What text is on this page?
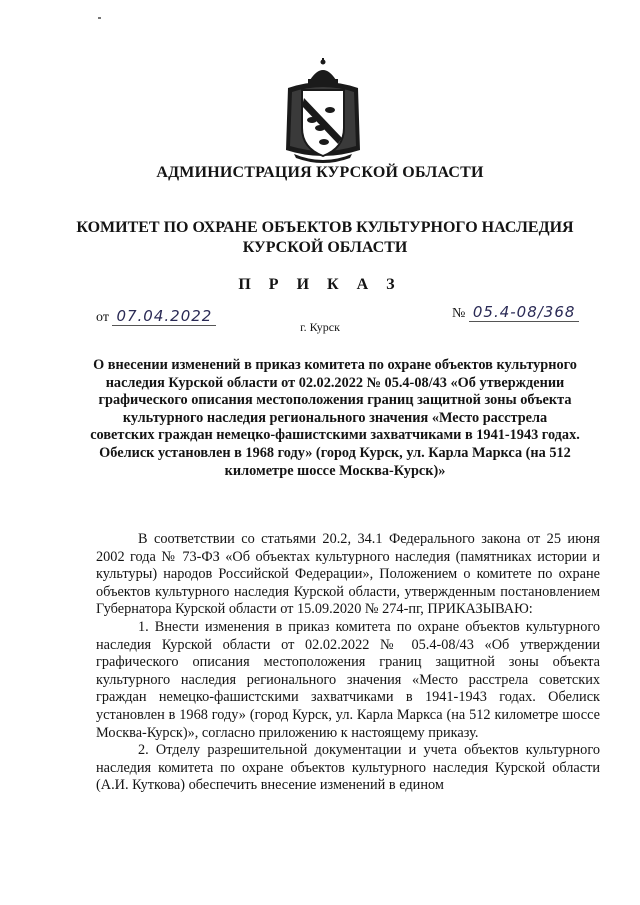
АДМИНИСТРАЦИЯ КУРСКОЙ ОБЛАСТИ
КОМИТЕТ ПО ОХРАНЕ ОБЪЕКТОВ КУЛЬТУРНОГО НАСЛЕДИЯ КУРСКОЙ ОБЛАСТИ
П Р И К А З
от 07.04.2022	№ 05.4-08/368
г. Курск
О внесении изменений в приказ комитета по охране объектов культурного наследия Курской области от 02.02.2022 № 05.4-08/43 «Об утверждении графического описания местоположения границ защитной зоны объекта культурного наследия регионального значения «Место расстрела советских граждан немецко-фашистскими захватчиками в 1941-1943 годах. Обелиск установлен в 1968 году» (город Курск, ул. Карла Маркса (на 512 километре шоссе Москва-Курск)»

В соответствии со статьями 20.2, 34.1 Федерального закона от 25 июня 2002 года № 73-ФЗ «Об объектах культурного наследия (памятниках истории и культуры) народов Российской Федерации», Положением о комитете по охране объектов культурного наследия Курской области, утвержденным постановлением Губернатора Курской области от 15.09.2020 № 274-пг, ПРИКАЗЫВАЮ:

1. Внести изменения в приказ комитета по охране объектов культурного наследия Курской области от 02.02.2022 № 05.4-08/43 «Об утверждении графического описания местоположения границ защитной зоны объекта культурного наследия регионального значения «Место расстрела советских граждан немецко-фашистскими захватчиками в 1941-1943 годах. Обелиск установлен в 1968 году» (город Курск, ул. Карла Маркса (на 512 километре шоссе Москва-Курск)», согласно приложению к настоящему приказу.

2. Отделу разрешительной документации и учета объектов культурного наследия комитета по охране объектов культурного наследия Курской области (А.И. Куткова) обеспечить внесение изменений в едином
